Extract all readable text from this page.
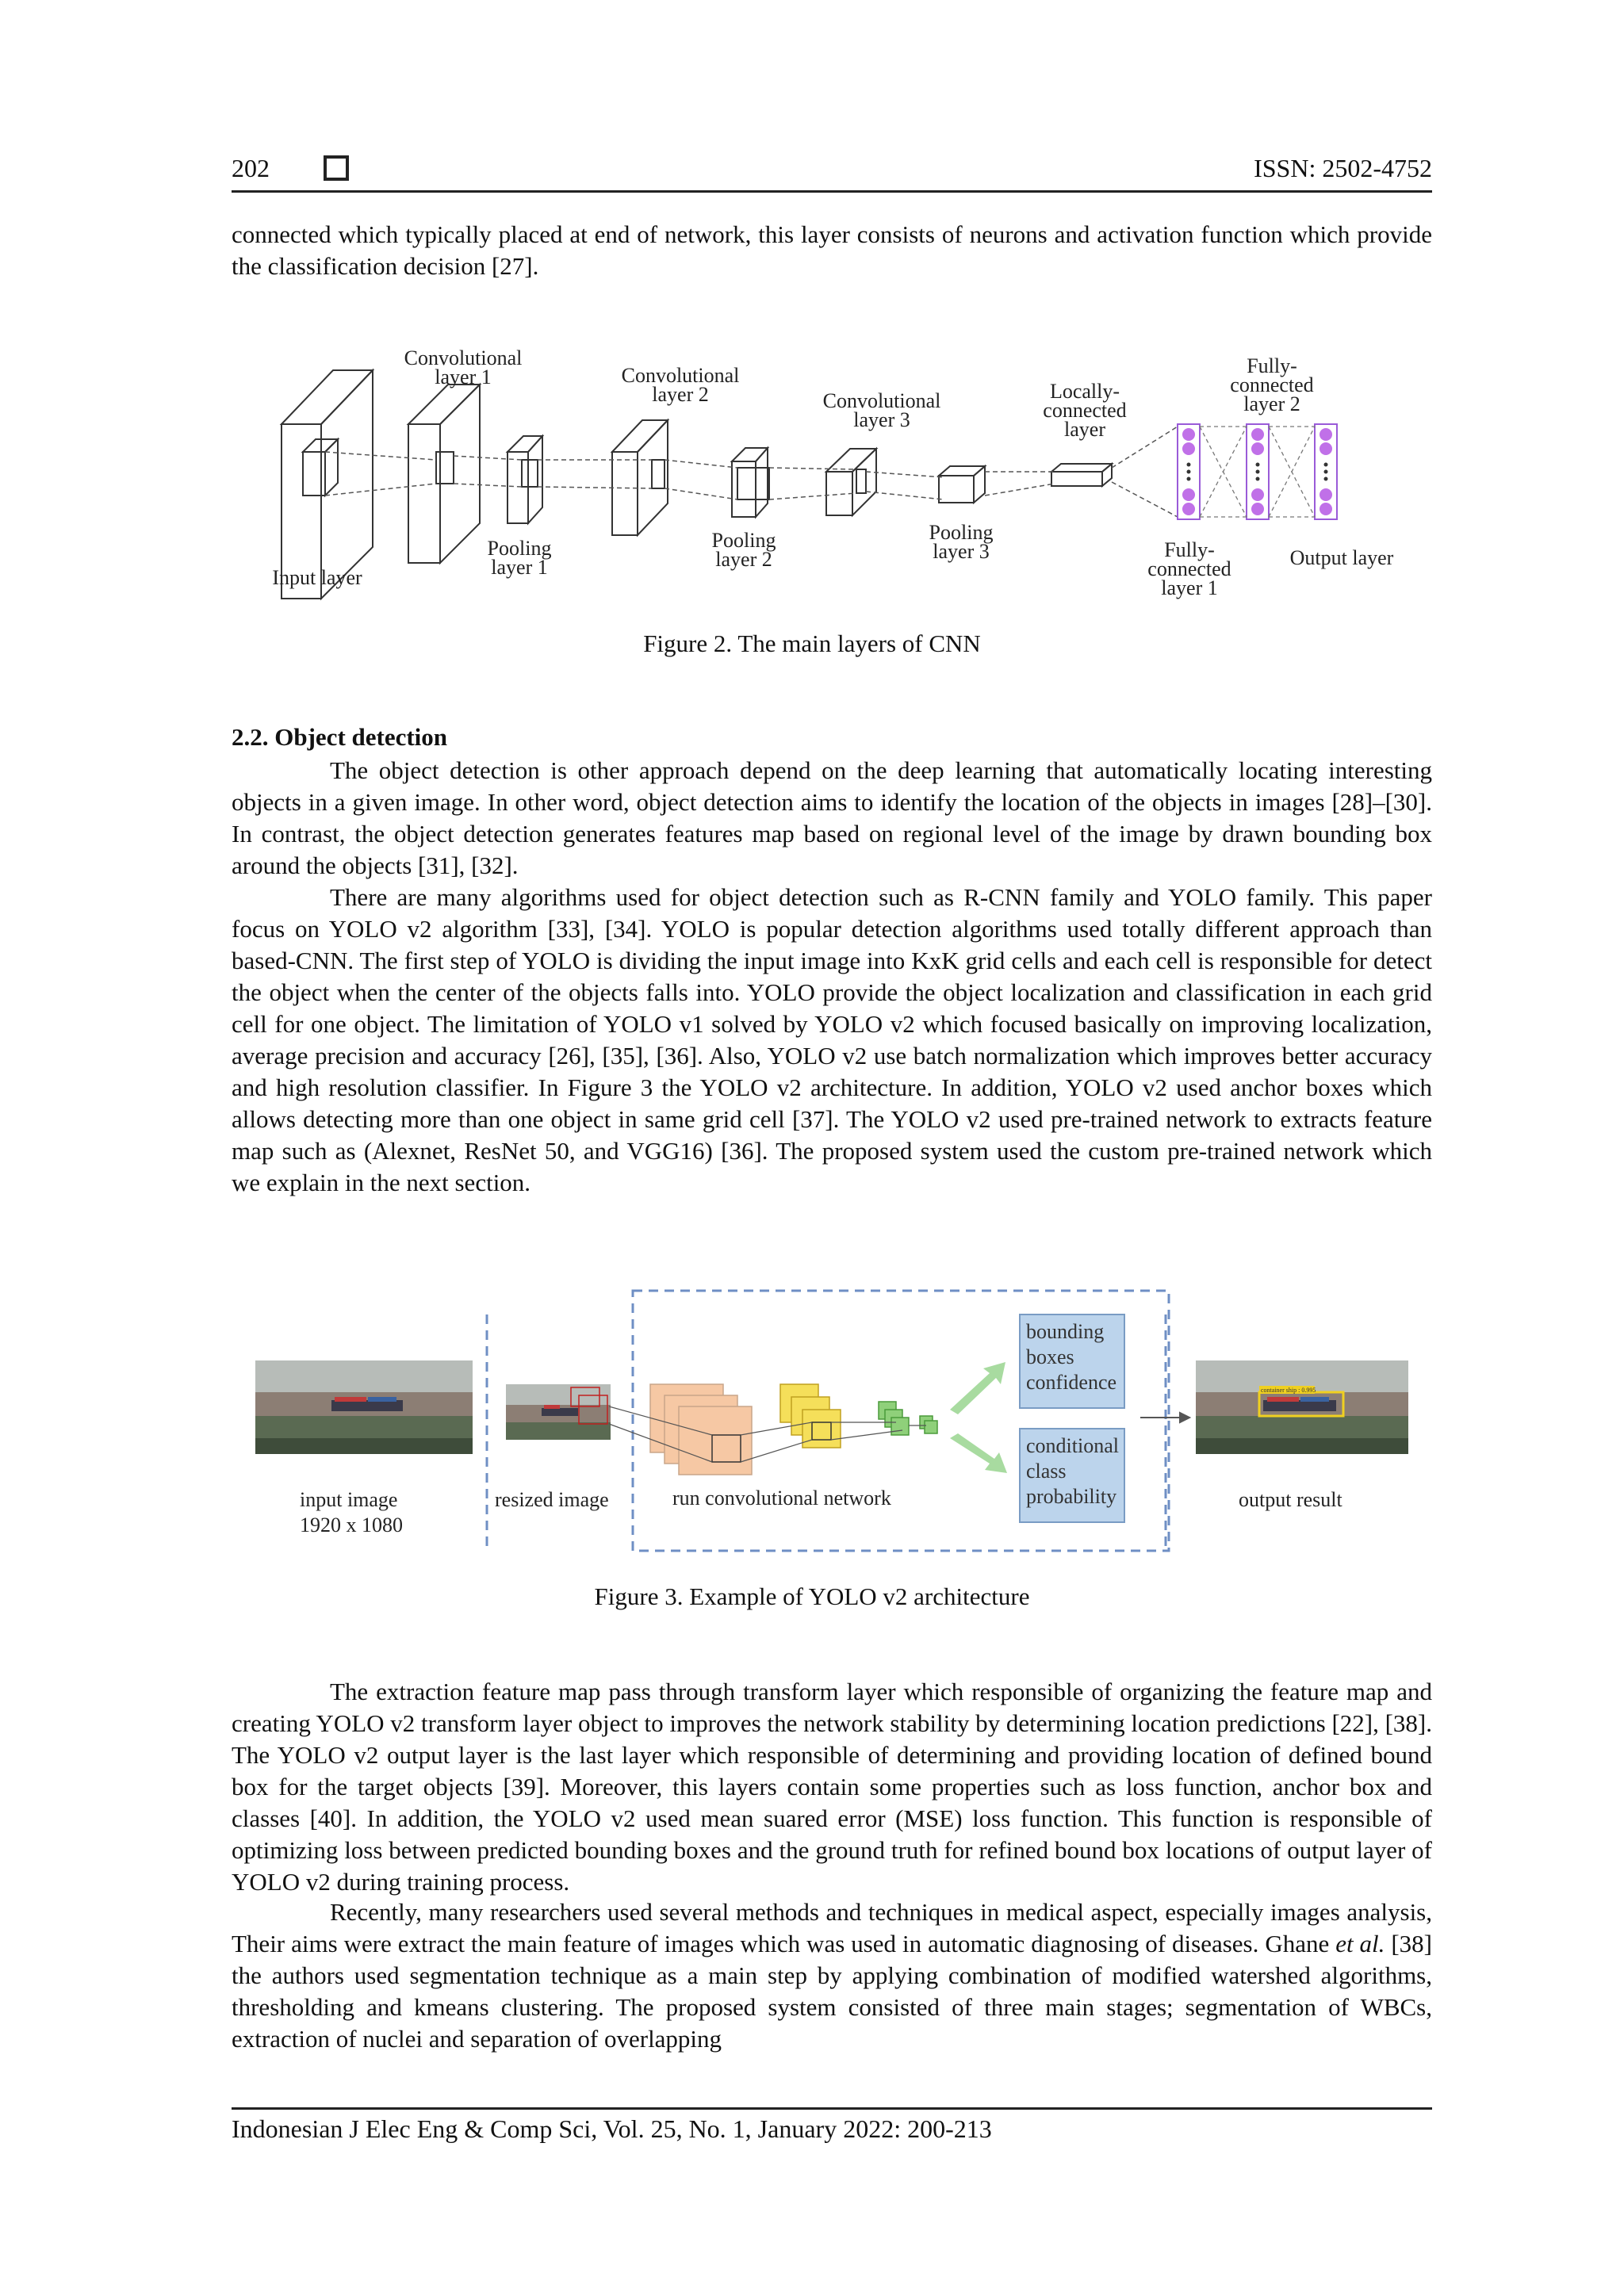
202	ISSN: 2502-4752

connected which typically placed at end of network, this layer consists of neurons and activation function which provide the classification decision [27].

Convolutional
layer 1	Convolutional
layer 2	Convolutional
layer 3
Locally-
connected
layer
Fully-
connected
layer 2
Input layer
Pooling
layer 1
Pooling
layer 2
Pooling
layer 3	Fully-
connected
layer 1
Output layer
Figure 2. The main layers of CNN
2.2. Object detection

The object detection is other approach depend on the deep learning that automatically locating interesting objects in a given image. In other word, object detection aims to identify the location of the objects in images [28]–[30]. In contrast, the object detection generates features map based on regional level of the image by drawn bounding box around the objects [31], [32].

There are many algorithms used for object detection such as R-CNN family and YOLO family. This paper focus on YOLO v2 algorithm [33], [34]. YOLO is popular detection algorithms used totally different approach than based-CNN. The first step of YOLO is dividing the input image into KxK grid cells and each cell is responsible for detect the object when the center of the objects falls into. YOLO provide the object localization and classification in each grid cell for one object. The limitation of YOLO v1 solved by YOLO v2 which focused basically on improving localization, average precision and accuracy [26], [35], [36]. Also, YOLO v2 use batch normalization which improves better accuracy and high resolution classifier. In Figure 3 the YOLO v2 architecture. In addition, YOLO v2 used anchor boxes which allows detecting more than one object in same grid cell [37]. The YOLO v2 used pre-trained network to extracts feature map such as (Alexnet, ResNet 50, and VGG16) [36]. The proposed system used the custom pre-trained network which we explain in the next section.

bounding
boxes
confidence
conditional
class
probability
container ship : 0.995
input image
1920 x 1080
resized image	run convolutional network	output result
Figure 3. Example of YOLO v2 architecture

The extraction feature map pass through transform layer which responsible of organizing the feature map and creating YOLO v2 transform layer object to improves the network stability by determining location predictions [22], [38]. The YOLO v2 output layer is the last layer which responsible of determining and providing location of defined bound box for the target objects [39]. Moreover, this layers contain some properties such as loss function, anchor box and classes [40]. In addition, the YOLO v2 used mean suared error (MSE) loss function. This function is responsible of optimizing loss between predicted bounding boxes and the ground truth for refined bound box locations of output layer of YOLO v2 during training process.

Recently, many researchers used several methods and techniques in medical aspect, especially images analysis, Their aims were extract the main feature of images which was used in automatic diagnosing of diseases. Ghane et al. [38] the authors used segmentation technique as a main step by applying combination of modified watershed algorithms, thresholding and kmeans clustering. The proposed system consisted of three main stages; segmentation of WBCs, extraction of nuclei and separation of overlapping

Indonesian J Elec Eng & Comp Sci, Vol. 25, No. 1, January 2022: 200-213
